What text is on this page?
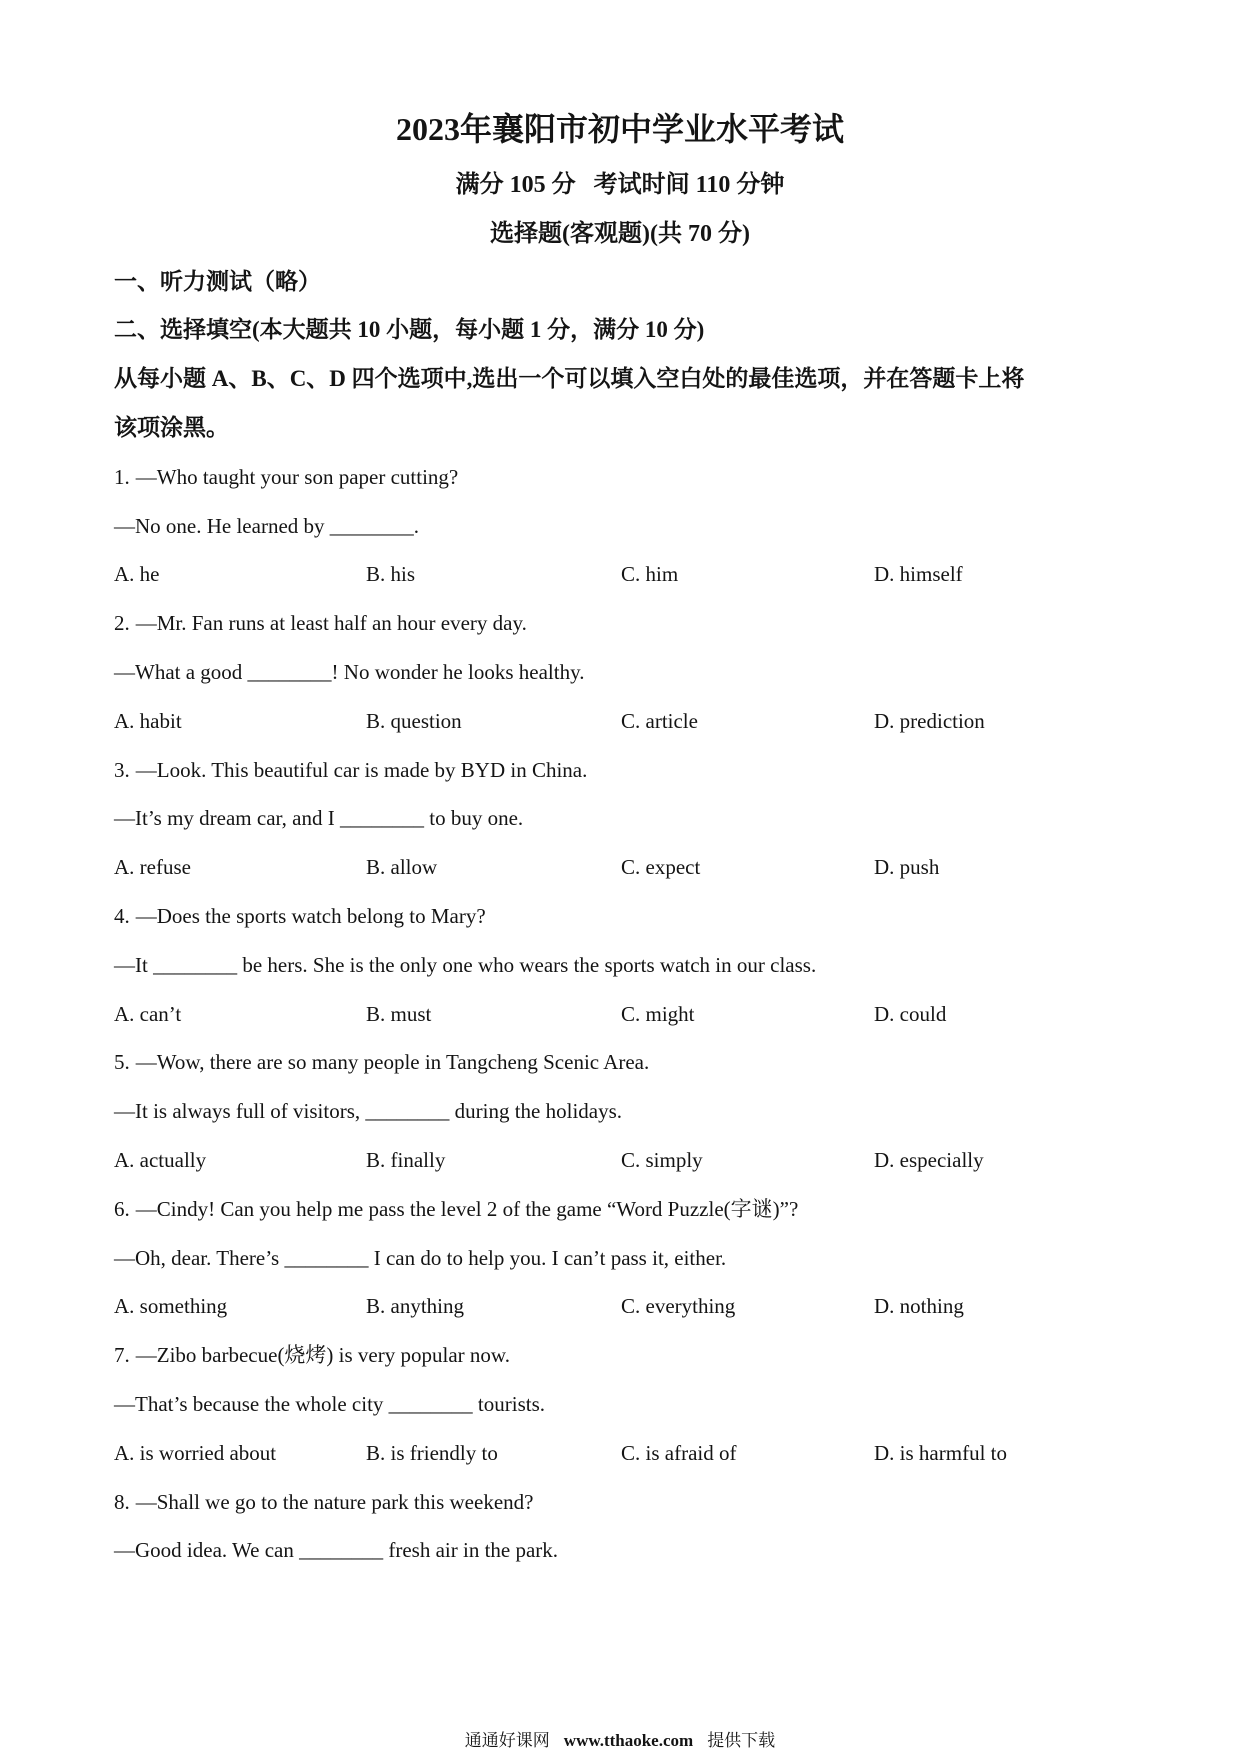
2023年襄阳市初中学业水平考试
满分 105 分   考试时间 110 分钟
选择题(客观题)(共 70 分)
一、听力测试（略）
二、选择填空(本大题共 10 小题，每小题 1 分，满分 10 分)
从每小题 A、B、C、D 四个选项中,选出一个可以填入空白处的最佳选项，并在答题卡上将
该项涂黑。
1. —Who taught your son paper cutting?
—No one. He learned by ________.
A. he	B. his	C. him	D. himself
2. —Mr. Fan runs at least half an hour every day.
—What a good ________! No wonder he looks healthy.
A. habit	B. question	C. article	D. prediction
3. —Look. This beautiful car is made by BYD in China.
—It’s my dream car, and I ________ to buy one.
A. refuse	B. allow	C. expect	D. push
4. —Does the sports watch belong to Mary?
—It ________ be hers. She is the only one who wears the sports watch in our class.
A. can’t	B. must	C. might	D. could
5. —Wow, there are so many people in Tangcheng Scenic Area.
—It is always full of visitors, ________ during the holidays.
A. actually	B. finally	C. simply	D. especially
6. —Cindy! Can you help me pass the level 2 of the game “Word Puzzle(字谜)”?
—Oh, dear. There’s ________ I can do to help you. I can’t pass it, either.
A. something	B. anything	C. everything	D. nothing
7. —Zibo barbecue(烧烤) is very popular now.
—That’s because the whole city ________ tourists.
A. is worried about	B. is friendly to	C. is afraid of	D. is harmful to
8. —Shall we go to the nature park this weekend?
—Good idea. We can ________ fresh air in the park.
通通好课网 www.tthaoke.com 提供下载
